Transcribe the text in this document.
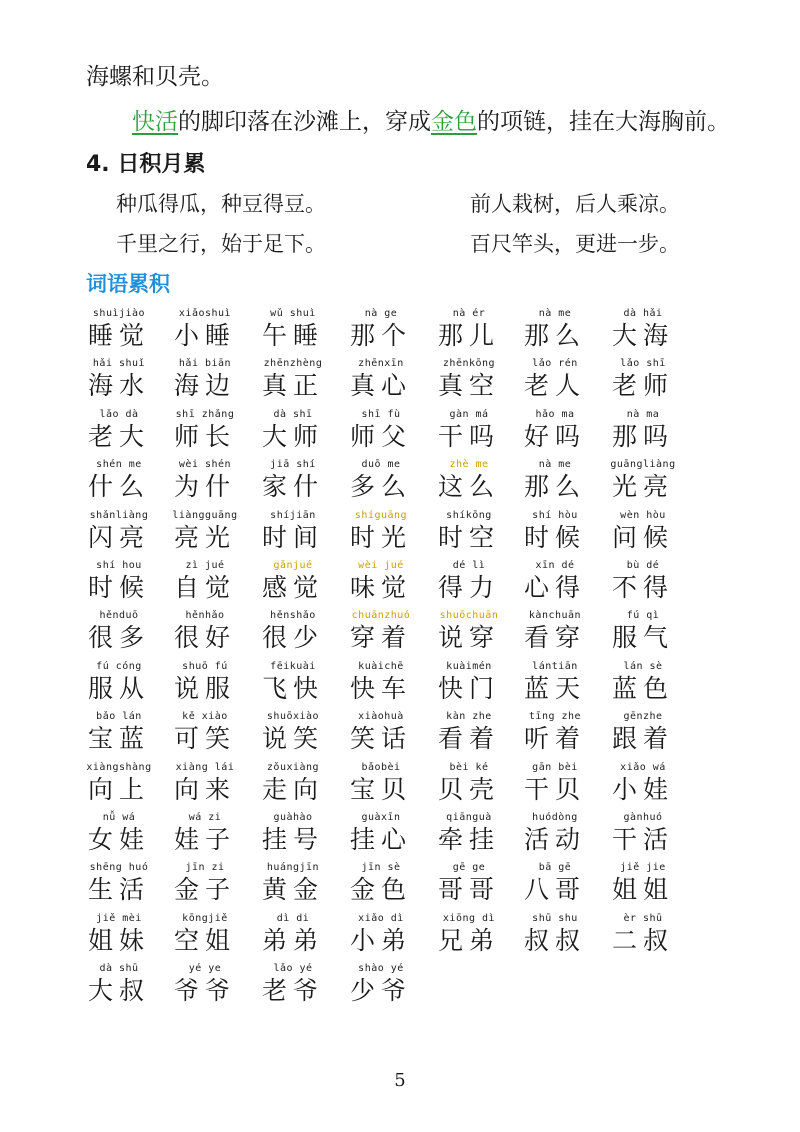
海螺和贝壳。
快活的脚印落在沙滩上，穿成金色的项链，挂在大海胸前。
4. 日积月累
种瓜得瓜，种豆得豆。	前人栽树，后人乘凉。
千里之行，始于足下。	百尺竿头，更进一步。
词语累积
shuìjiào
睡觉
xiǎoshuì
小睡
wǔ shuì
午睡
nà ge
那个
nà ér
那儿
nà me
那么
dà hǎi
大海
hǎi shuǐ
海水
hǎi biān
海边
zhēnzhèng
真正
zhēnxīn
真心
zhēnkōng
真空
lǎo rén
老人
lǎo shī
老师
lǎo dà
老大
shī zhǎng
师长
dà shī
大师
shī fù
师父
gàn má
干吗
hǎo ma
好吗
nà ma
那吗
shén me
什么
wèi shén
为什
jiā shí
家什
duō me
多么
zhè me
这么
nà me
那么
guāngliàng
光亮
shǎnliàng
闪亮
liàngguāng
亮光
shíjiān
时间
shíguāng
时光
shíkōng
时空
shí hòu
时候
wèn hòu
问候
shí hou
时候
zì jué
自觉
gǎnjué
感觉
wèi jué
味觉
dé lì
得力
xīn dé
心得
bù dé
不得
hěnduō
很多
hěnhǎo
很好
hěnshǎo
很少
chuānzhuó
穿着
shuōchuān
说穿
kànchuān
看穿
fú qì
服气
fú cóng
服从
shuō fú
说服
fēikuài
飞快
kuàichē
快车
kuàimén
快门
lántiān
蓝天
lán sè
蓝色
bǎo lán
宝蓝
kě xiào
可笑
shuōxiào
说笑
xiàohuà
笑话
kàn zhe
看着
tīng zhe
听着
gēnzhe
跟着
xiàngshàng
向上
xiàng lái
向来
zǒuxiàng
走向
bǎobèi
宝贝
bèi ké
贝壳
gān bèi
干贝
xiǎo wá
小娃
nǚ wá
女娃
wá zi
娃子
guàhào
挂号
guàxīn
挂心
qiānguà
牵挂
huódòng
活动
gànhuó
干活
shēng huó
生活
jīn zi
金子
huángjīn
黄金
jīn sè
金色
gē ge
哥哥
bā gē
八哥
jiě jie
姐姐
jiě mèi
姐妹
kōngjiě
空姐
dì di
弟弟
xiǎo dì
小弟
xiōng dì
兄弟
shū shu
叔叔
èr shū
二叔
dà shū
大叔
yé ye
爷爷
lǎo yé
老爷
shào yé
少爷
5
